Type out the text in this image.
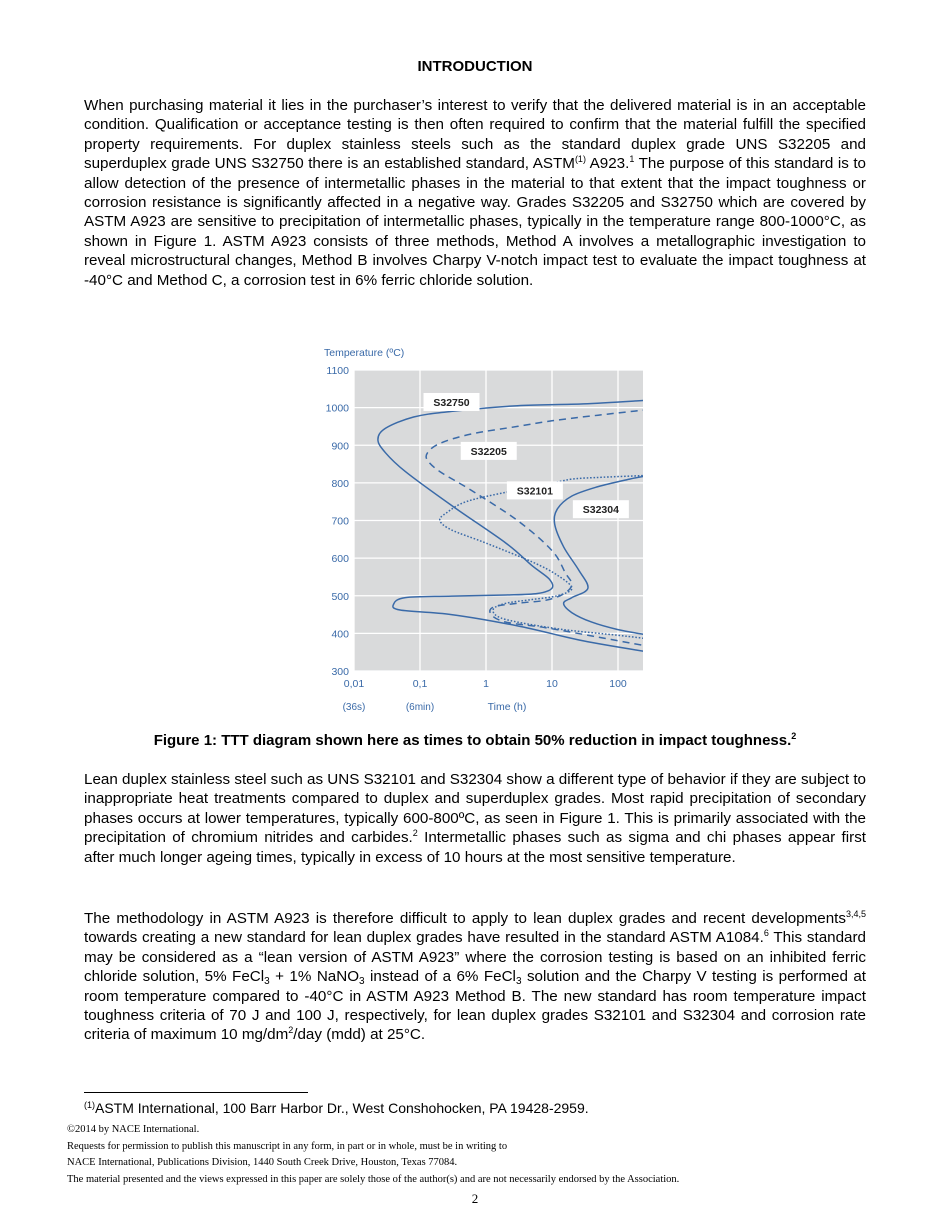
INTRODUCTION
When purchasing material it lies in the purchaser’s interest to verify that the delivered material is in an acceptable condition. Qualification or acceptance testing is then often required to confirm that the material fulfill the specified property requirements. For duplex stainless steels such as the standard duplex grade UNS S32205 and superduplex grade UNS S32750 there is an established standard, ASTM$^{(1)}$ A923.$^1$ The purpose of this standard is to allow detection of the presence of intermetallic phases in the material to that extent that the impact toughness or corrosion resistance is significantly affected in a negative way. Grades S32205 and S32750 which are covered by ASTM A923 are sensitive to precipitation of intermetallic phases, typically in the temperature range 800-1000°C, as shown in Figure 1. ASTM A923 consists of three methods, Method A involves a metallographic investigation to reveal microstructural changes, Method B involves Charpy V-notch impact test to evaluate the impact toughness at -40°C and Method C, a corrosion test in 6% ferric chloride solution.
Temperature (ºC)
1100
1000
900
800
700
600
500
400
300
0,01	0,1	1	10	100
(36s)	(6min)	Time (h)
S32750
S32205
S32101
S32304
Figure 1: TTT diagram shown here as times to obtain 50% reduction in impact toughness.$^2$
Lean duplex stainless steel such as UNS S32101 and S32304 show a different type of behavior if they are subject to inappropriate heat treatments compared to duplex and superduplex grades. Most rapid precipitation of secondary phases occurs at lower temperatures, typically 600-800ºC, as seen in Figure 1. This is primarily associated with the precipitation of chromium nitrides and carbides.$^2$ Intermetallic phases such as sigma and chi phases appear first after much longer ageing times, typically in excess of 10 hours at the most sensitive temperature.
The methodology in ASTM A923 is therefore difficult to apply to lean duplex grades and recent developments$^{3,4,5}$ towards creating a new standard for lean duplex grades have resulted in the standard ASTM A1084.$^6$ This standard may be considered as a “lean version of ASTM A923” where the corrosion testing is based on an inhibited ferric chloride solution, 5% FeCl$_3$ + 1% NaNO$_3$ instead of a 6% FeCl$_3$ solution and the Charpy V testing is performed at room temperature compared to -40°C in ASTM A923 Method B. The new standard has room temperature impact toughness criteria of 70 J and 100 J, respectively, for lean duplex grades S32101 and S32304 and corrosion rate criteria of maximum 10 $mg/dm^2$/day (mdd) at 25°C.
$^{(1)}$ASTM International, 100 Barr Harbor Dr., West Conshohocken, PA 19428-2959.
©2014 by NACE International.
Requests for permission to publish this manuscript in any form, in part or in whole, must be in writing to
NACE International, Publications Division, 1440 South Creek Drive, Houston, Texas 77084.
The material presented and the views expressed in this paper are solely those of the author(s) and are not necessarily endorsed by the Association.
2
